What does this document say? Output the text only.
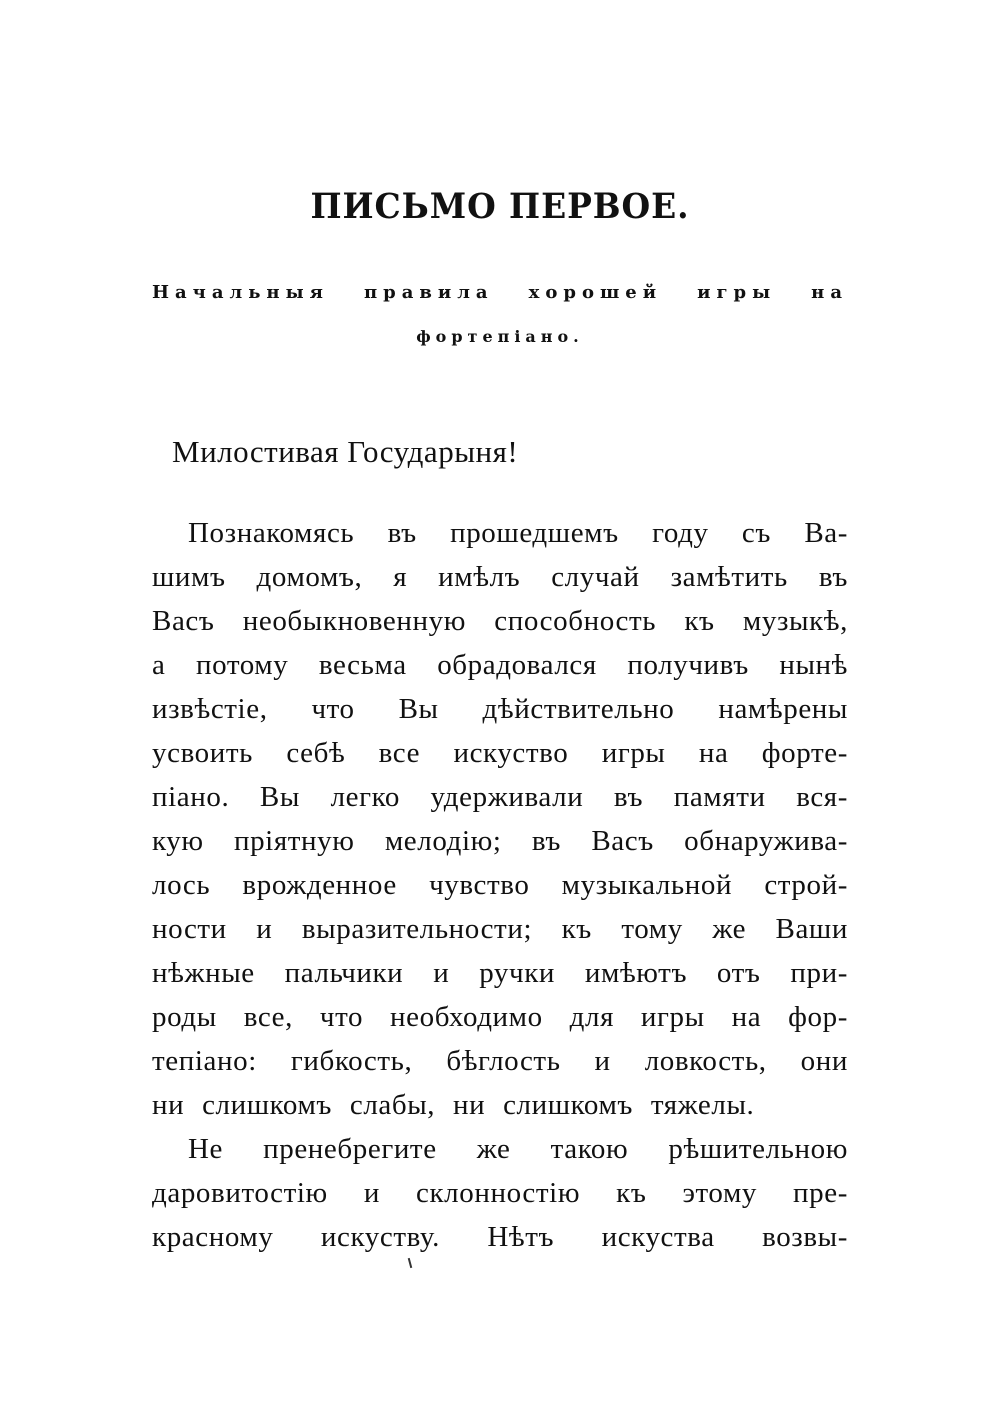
ПИСЬМО ПЕРВОЕ.
Начальныя правила хорошей игры на
фортепiано.
Милостивая Государыня!
Познакомясь въ прошедшемъ году съ Ва-
шимъ домомъ, я имѣлъ случай замѣтить въ
Васъ необыкновенную способность къ музыкѣ,
а потому весьма обрадовался получивъ нынѣ
извѣстiе, что Вы дѣйствительно намѣрены
усвоить себѣ все искуство игры на форте-
пiано. Вы легко удерживали въ памяти вся-
кую прiятную мелодiю; въ Васъ обнаружива-
лось врожденное чувство музыкальной строй-
ности и выразительности; къ тому же Ваши
нѣжные пальчики и ручки имѣютъ отъ при-
роды все, что необходимо для игры на фор-
тепiано: гибкость, бѣглость и ловкость, они
ни слишкомъ слабы, ни слишкомъ тяжелы.
Не пренебрегите же такою рѣшительною
даровитостiю и склонностiю къ этому пре-
красному искуству. Нѣтъ искуства возвы-
